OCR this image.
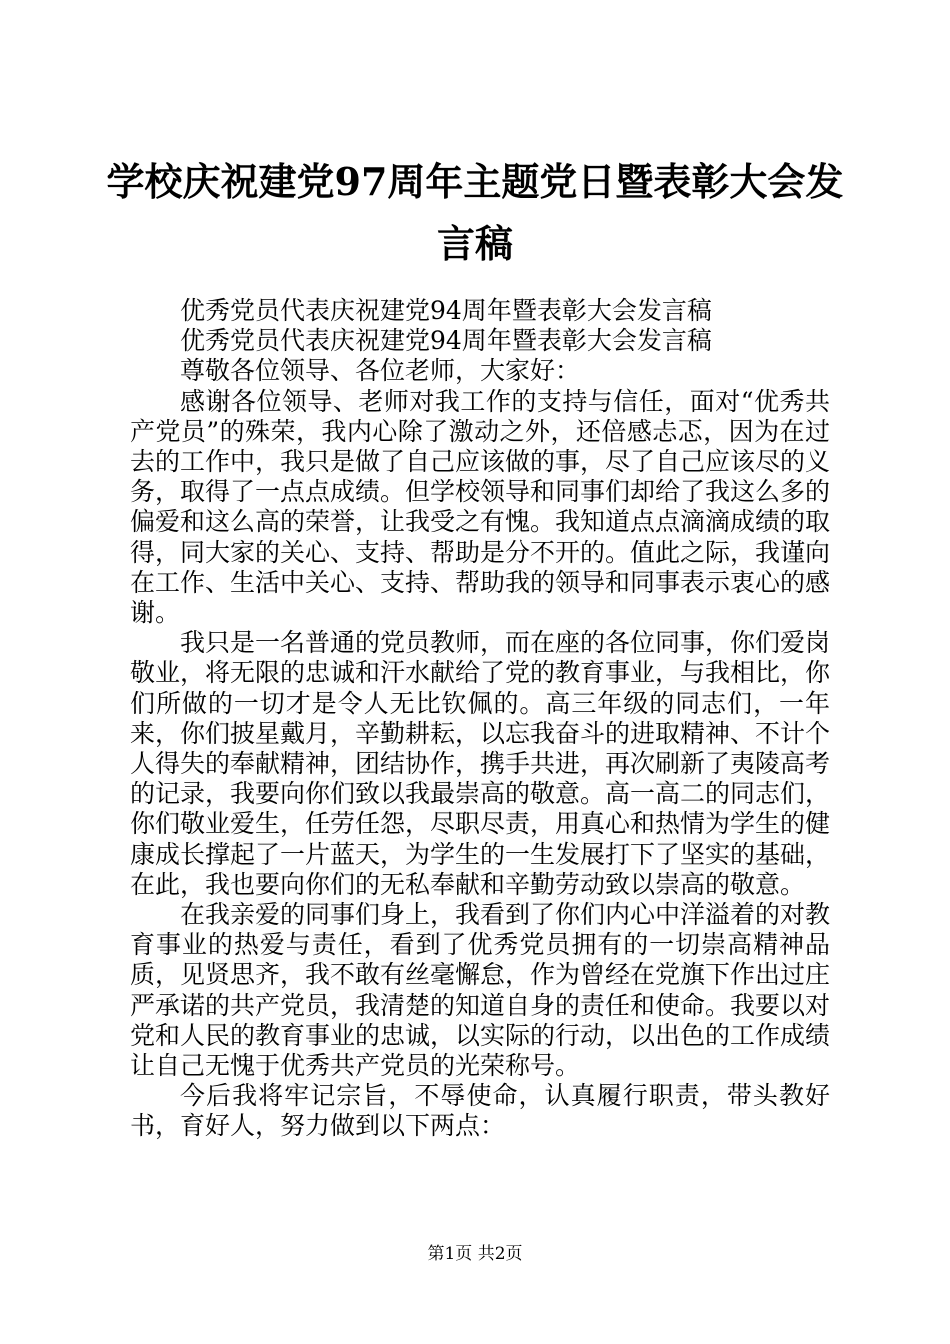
学校庆祝建党97周年主题党日暨表彰大会发
言稿

优秀党员代表庆祝建党94周年暨表彰大会发言稿

优秀党员代表庆祝建党94周年暨表彰大会发言稿

尊敬各位领导、各位老师，大家好：

感谢各位领导、老师对我工作的支持与信任，面对“优秀共产党员”的殊荣，我内心除了激动之外，还倍感忐忑，因为在过去的工作中，我只是做了自己应该做的事，尽了自己应该尽的义务，取得了一点点成绩。但学校领导和同事们却给了我这么多的偏爱和这么高的荣誉，让我受之有愧。我知道点点滴滴成绩的取得，同大家的关心、支持、帮助是分不开的。值此之际，我谨向在工作、生活中关心、支持、帮助我的领导和同事表示衷心的感谢。

我只是一名普通的党员教师，而在座的各位同事，你们爱岗敬业，将无限的忠诚和汗水献给了党的教育事业，与我相比，你们所做的一切才是令人无比钦佩的。高三年级的同志们，一年来，你们披星戴月，辛勤耕耘，以忘我奋斗的进取精神、不计个人得失的奉献精神，团结协作，携手共进，再次刷新了夷陵高考的记录，我要向你们致以我最崇高的敬意。高一高二的同志们，你们敬业爱生，任劳任怨，尽职尽责，用真心和热情为学生的健康成长撑起了一片蓝天，为学生的一生发展打下了坚实的基础，在此，我也要向你们的无私奉献和辛勤劳动致以崇高的敬意。

在我亲爱的同事们身上，我看到了你们内心中洋溢着的对教育事业的热爱与责任，看到了优秀党员拥有的一切崇高精神品质，见贤思齐，我不敢有丝毫懈怠，作为曾经在党旗下作出过庄严承诺的共产党员，我清楚的知道自身的责任和使命。我要以对党和人民的教育事业的忠诚，以实际的行动，以出色的工作成绩让自己无愧于优秀共产党员的光荣称号。

今后我将牢记宗旨，不辱使命，认真履行职责，带头教好书，育好人，努力做到以下两点：

第1页 共2页
